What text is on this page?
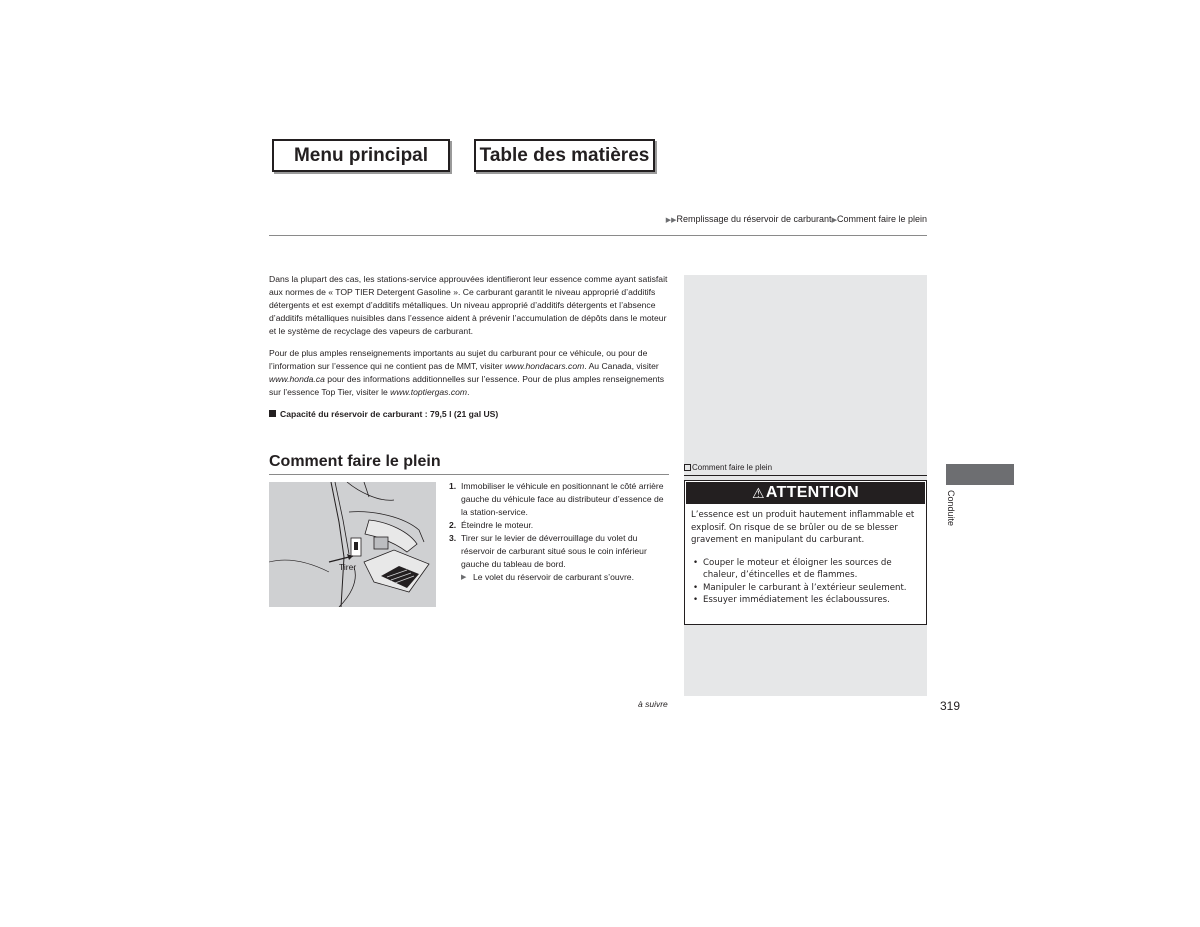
Menu principal	Table des matières
▶▶Remplissage du réservoir de carburant▶Comment faire le plein

Dans la plupart des cas, les stations-service approuvées identifieront leur essence comme ayant satisfait aux normes de « TOP TIER Detergent Gasoline ». Ce carburant garantit le niveau approprié d’additifs détergents et est exempt d’additifs métalliques. Un niveau approprié d’additifs détergents et l’absence d’additifs métalliques nuisibles dans l’essence aident à prévenir l’accumulation de dépôts dans le moteur et le système de recyclage des vapeurs de carburant.

Pour de plus amples renseignements importants au sujet du carburant pour ce véhicule, ou pour de l’information sur l’essence qui ne contient pas de MMT, visiter www.hondacars.com. Au Canada, visiter www.honda.ca pour des informations additionnelles sur l’essence. Pour de plus amples renseignements sur l’essence Top Tier, visiter le www.toptiergas.com.

Capacité du réservoir de carburant : 79,5 l (21 gal US)
Comment faire le plein
Tirer
1. Immobiliser le véhicule en positionnant le côté arrière gauche du véhicule face au distributeur d’essence de la station-service.
2. Éteindre le moteur.
3. Tirer sur le levier de déverrouillage du volet du réservoir de carburant situé sous le coin inférieur gauche du tableau de bord.
▶ Le volet du réservoir de carburant s’ouvre.
Comment faire le plein
⚠ ATTENTION

L’essence est un produit hautement inflammable et explosif. On risque de se brûler ou de se blesser gravement en manipulant du carburant.

• Couper le moteur et éloigner les sources de chaleur, d’étincelles et de flammes.
• Manipuler le carburant à l’extérieur seulement.
• Essuyer immédiatement les éclaboussures.
Conduite
à suivre	319
